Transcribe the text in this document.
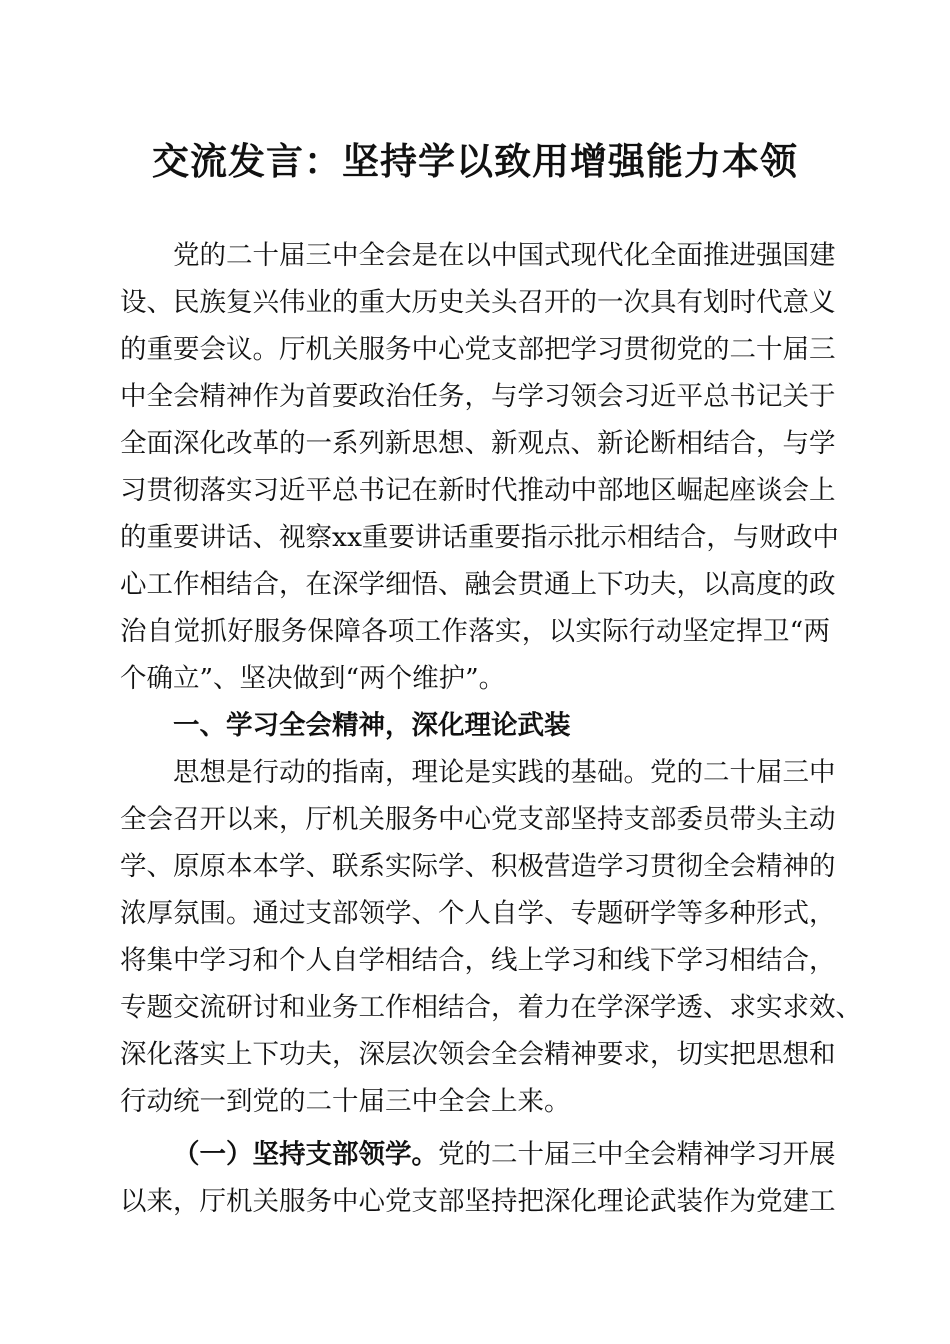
交流发言：坚持学以致用增强能力本领
党的二十届三中全会是在以中国式现代化全面推进强国建
设、民族复兴伟业的重大历史关头召开的一次具有划时代意义
的重要会议。厅机关服务中心党支部把学习贯彻党的二十届三
中全会精神作为首要政治任务，与学习领会习近平总书记关于
全面深化改革的一系列新思想、新观点、新论断相结合，与学
习贯彻落实习近平总书记在新时代推动中部地区崛起座谈会上
的重要讲话、视察xx重要讲话重要指示批示相结合，与财政中
心工作相结合，在深学细悟、融会贯通上下功夫，以高度的政
治自觉抓好服务保障各项工作落实，以实际行动坚定捍卫“两
个确立”、坚决做到“两个维护”。
一、学习全会精神，深化理论武装
思想是行动的指南，理论是实践的基础。党的二十届三中
全会召开以来，厅机关服务中心党支部坚持支部委员带头主动
学、原原本本学、联系实际学、积极营造学习贯彻全会精神的
浓厚氛围。通过支部领学、个人自学、专题研学等多种形式，
将集中学习和个人自学相结合，线上学习和线下学习相结合，
专题交流研讨和业务工作相结合，着力在学深学透、求实求效、
深化落实上下功夫，深层次领会全会精神要求，切实把思想和
行动统一到党的二十届三中全会上来。
（一）坚持支部领学。党的二十届三中全会精神学习开展
以来，厅机关服务中心党支部坚持把深化理论武装作为党建工
